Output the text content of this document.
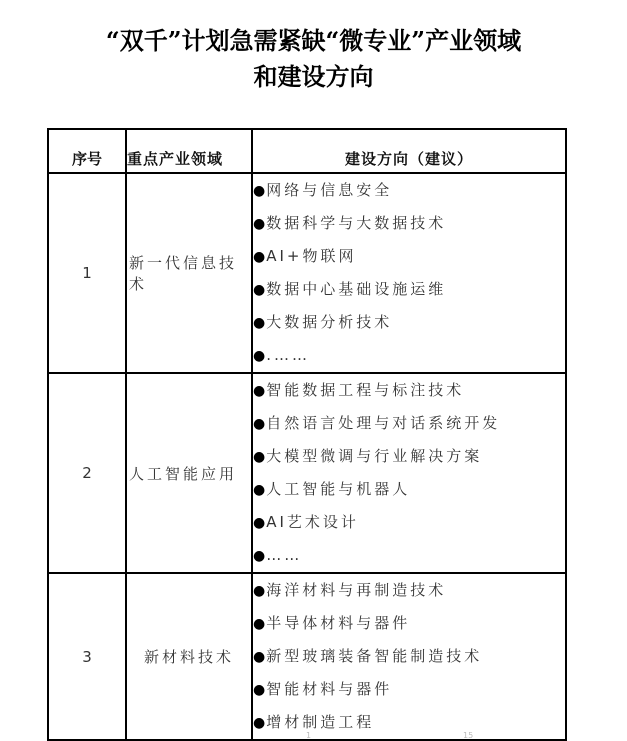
“双千”计划急需紧缺“微专业”产业领域
和建设方向
序号	重点产业领域	建设方向（建议）
1	新一代信息技术	
●网络与信息安全
●数据科学与大数据技术
●AI+物联网
●数据中心基础设施运维
●大数据分析技术
●.……

2	人工智能应用	
●智能数据工程与标注技术
●自然语言处理与对话系统开发
●大模型微调与行业解决方案
●人工智能与机器人
●AI艺术设计
●……

3	新材料技术	
●海洋材料与再制造技术
●半导体材料与器件
●新型玻璃装备智能制造技术
●智能材料与器件
●增材制造工程
1	15
